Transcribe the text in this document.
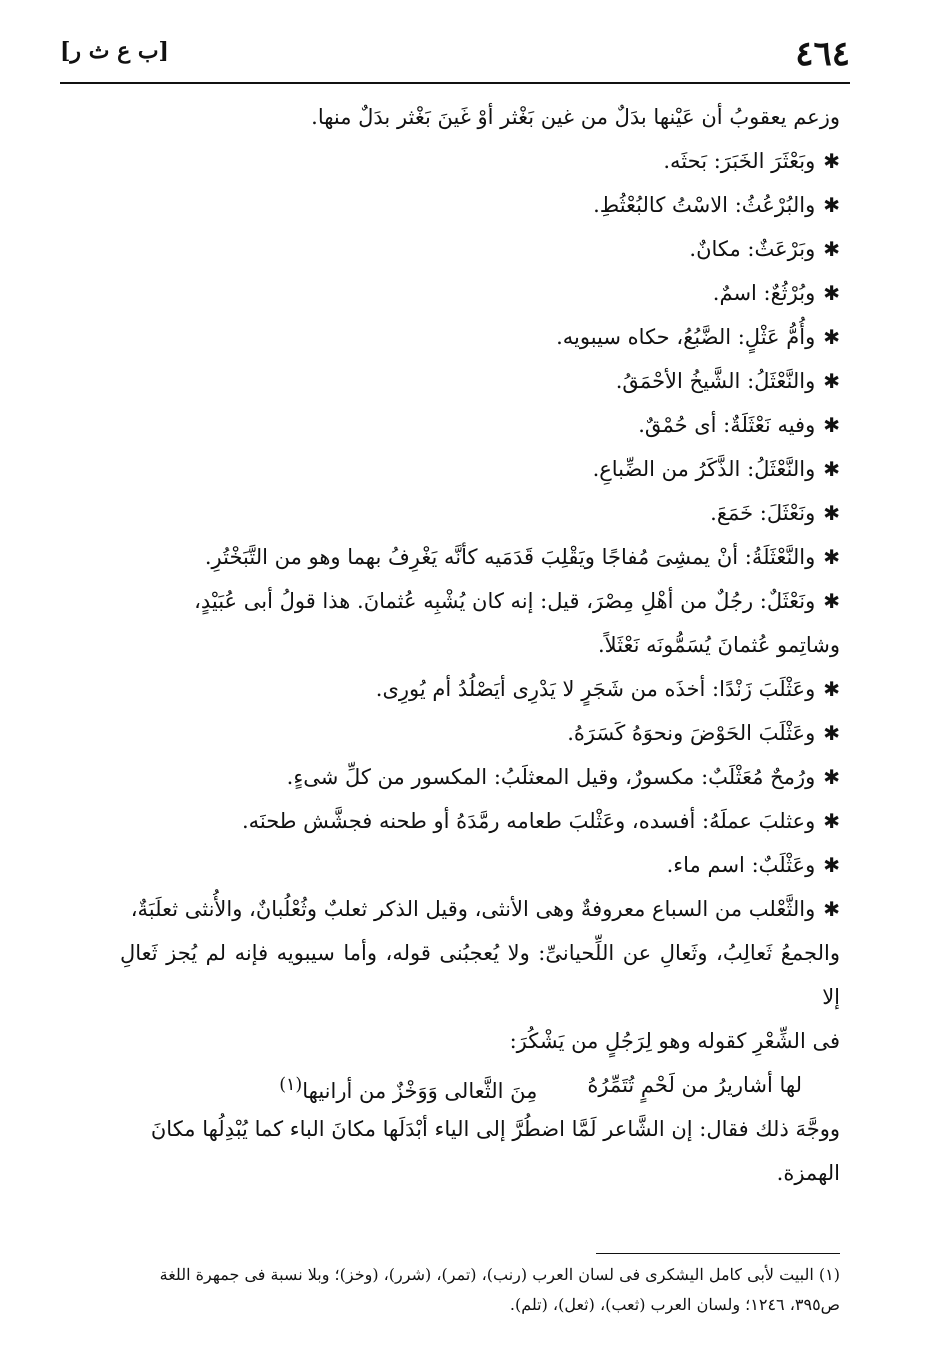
٤٦٤
[ب ع ث ر]
وزعم يعقوبُ أن عَيْنها بدَلٌ من غين بَغْثر أوْ غَينَ بَغْثر بدَلٌ منها.
✱وبَعْثَرَ الخَبَرَ: بَحثَه.
✱والبُرْعُثُ: الاسْتُ كالبُعْثُطِ.
✱وبَرْعَثٌ: مكانٌ.
✱وبُرْثُعٌ: اسمٌ.
✱وأُمُّ عَثْلٍ: الضَّبُعُ، حكاه سيبويه.
✱والنَّعْثَلُ: الشَّيخُ الأحْمَقُ.
✱وفيه نَعْثَلَةٌ: أى حُمْقٌ.
✱والنَّعْثَلُ: الذَّكَرُ من الضِّباعِ.
✱ونَعْثَلَ: خَمَعَ.
✱والنَّعْثَلَةُ: أنْ يمشِىَ مُفاجًا ويَقْلِبَ قَدَمَيه كأنَّه يَغْرِفُ بهما وهو من التَّبَخْتُرِ.
✱ونَعْثَلٌ: رجُلٌ من أهْلِ مِصْرَ، قيل: إنه كان يُشْبِه عُثمانَ. هذا قولُ أبى عُبَيْدٍ،
وشاتِمو عُثمانَ يُسَمُّونَه نَعْثَلاً.
✱وعَثْلَبَ زَنْدًا: أخذَه من شَجَرٍ لا يَدْرِى أيَصْلُدُ أم يُورِى.
✱وعَثْلَبَ الحَوْضَ ونحوَهُ كَسَرَهُ.
✱ورُمحٌ مُعَثْلَبٌ: مكسورٌ، وقيل المعثلَبُ: المكسور من كلِّ شىءٍ.
✱وعثلبَ عملَهُ: أفسده، وعَثْلبَ طعامه رمَّدَهُ أو طحنه فجشَّش طحنَه.
✱وعَثْلَبٌ: اسم ماء.
✱والثَّعْلب من السباع معروفةٌ وهى الأنثى، وقيل الذكر ثعلبٌ وثُعْلُبانٌ، والأُنثى ثعلَبَةٌ،
والجمعُ ثَعالِبُ، وثَعالِ عن اللِّحيانىِّ: ولا يُعجبُنى قوله، وأما سيبويه فإنه لم يُجز ثَعالِ إلا
فى الشِّعْرِ كقوله وهو لِرَجُلٍ من يَشْكُرَ:
لها أشاريرُ من لَحْمٍ تُتَمِّرُهُ
مِنَ الثَّعالى وَوَخْزٌ من أرانيها$^{(١)}$
ووجَّهَ ذلك فقال: إن الشَّاعر لَمَّا اضطُرَّ إلى الياء أبْدَلَها مكانَ الباء كما يُبْدِلُها مكانَ
الهمزة.
(١) البيت لأبى كامل اليشكرى فى لسان العرب (رنب)، (تمر)، (شرر)، (وخز)؛ وبلا نسبة فى جمهرة اللغة
ص٣٩٥، ١٢٤٦؛ ولسان العرب (ثعب)، (ثعل)، (تلم).
